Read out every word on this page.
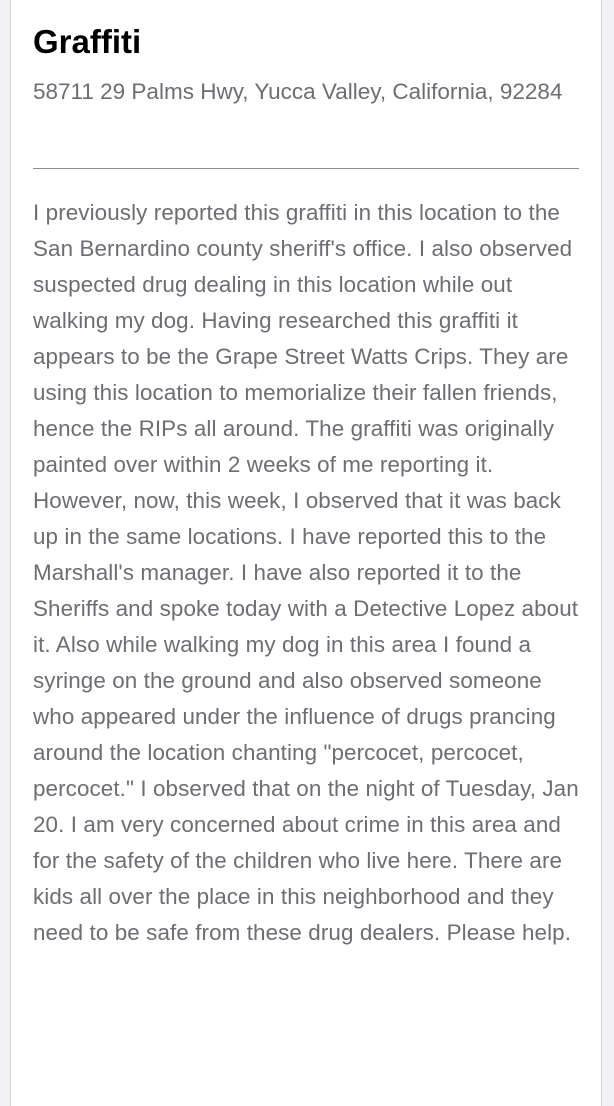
Graffiti

58711 29 Palms Hwy, Yucca Valley, California, 92284

I previously reported this graffiti in this location to the San Bernardino county sheriff's office. I also observed suspected drug dealing in this location while out walking my dog. Having researched this graffiti it appears to be the Grape Street Watts Crips. They are using this location to memorialize their fallen friends, hence the RIPs all around. The graffiti was originally painted over within 2 weeks of me reporting it. However, now, this week, I observed that it was back up in the same locations. I have reported this to the Marshall's manager. I have also reported it to the Sheriffs and spoke today with a Detective Lopez about it. Also while walking my dog in this area I found a syringe on the ground and also observed someone who appeared under the influence of drugs prancing around the location chanting "percocet, percocet, percocet." I observed that on the night of Tuesday, Jan 20. I am very concerned about crime in this area and for the safety of the children who live here. There are kids all over the place in this neighborhood and they need to be safe from these drug dealers. Please help.
